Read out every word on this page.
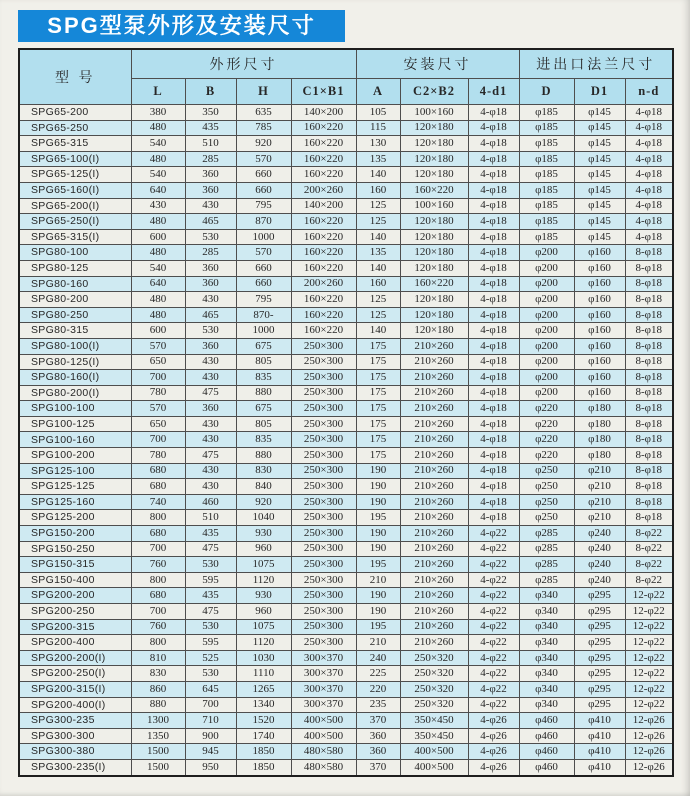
SPG型泵外形及安装尺寸
型 号	外形尺寸				安装尺寸			进出口法兰尺寸		
	L	B	H	C1×B1	A	C2×B2	4-d1	D	D1	n-d
SPG65-200	380	350	635	140×200	105	100×160	4-φ18	φ185	φ145	4-φ18
SPG65-250	480	435	785	160×220	115	120×180	4-φ18	φ185	φ145	4-φ18
SPG65-315	540	510	920	160×220	130	120×180	4-φ18	φ185	φ145	4-φ18
SPG65-100(I)	480	285	570	160×220	135	120×180	4-φ18	φ185	φ145	4-φ18
SPG65-125(I)	540	360	660	160×220	140	120×180	4-φ18	φ185	φ145	4-φ18
SPG65-160(I)	640	360	660	200×260	160	160×220	4-φ18	φ185	φ145	4-φ18
SPG65-200(I)	430	430	795	140×200	125	100×160	4-φ18	φ185	φ145	4-φ18
SPG65-250(I)	480	465	870	160×220	125	120×180	4-φ18	φ185	φ145	4-φ18
SPG65-315(I)	600	530	1000	160×220	140	120×180	4-φ18	φ185	φ145	4-φ18
SPG80-100	480	285	570	160×220	135	120×180	4-φ18	φ200	φ160	8-φ18
SPG80-125	540	360	660	160×220	140	120×180	4-φ18	φ200	φ160	8-φ18
SPG80-160	640	360	660	200×260	160	160×220	4-φ18	φ200	φ160	8-φ18
SPG80-200	480	430	795	160×220	125	120×180	4-φ18	φ200	φ160	8-φ18
SPG80-250	480	465	870-	160×220	125	120×180	4-φ18	φ200	φ160	8-φ18
SPG80-315	600	530	1000	160×220	140	120×180	4-φ18	φ200	φ160	8-φ18
SPG80-100(I)	570	360	675	250×300	175	210×260	4-φ18	φ200	φ160	8-φ18
SPG80-125(I)	650	430	805	250×300	175	210×260	4-φ18	φ200	φ160	8-φ18
SPG80-160(I)	700	430	835	250×300	175	210×260	4-φ18	φ200	φ160	8-φ18
SPG80-200(I)	780	475	880	250×300	175	210×260	4-φ18	φ200	φ160	8-φ18
SPG100-100	570	360	675	250×300	175	210×260	4-φ18	φ220	φ180	8-φ18
SPG100-125	650	430	805	250×300	175	210×260	4-φ18	φ220	φ180	8-φ18
SPG100-160	700	430	835	250×300	175	210×260	4-φ18	φ220	φ180	8-φ18
SPG100-200	780	475	880	250×300	175	210×260	4-φ18	φ220	φ180	8-φ18
SPG125-100	680	430	830	250×300	190	210×260	4-φ18	φ250	φ210	8-φ18
SPG125-125	680	430	840	250×300	190	210×260	4-φ18	φ250	φ210	8-φ18
SPG125-160	740	460	920	250×300	190	210×260	4-φ18	φ250	φ210	8-φ18
SPG125-200	800	510	1040	250×300	195	210×260	4-φ18	φ250	φ210	8-φ18
SPG150-200	680	435	930	250×300	190	210×260	4-φ22	φ285	φ240	8-φ22
SPG150-250	700	475	960	250×300	190	210×260	4-φ22	φ285	φ240	8-φ22
SPG150-315	760	530	1075	250×300	195	210×260	4-φ22	φ285	φ240	8-φ22
SPG150-400	800	595	1120	250×300	210	210×260	4-φ22	φ285	φ240	8-φ22
SPG200-200	680	435	930	250×300	190	210×260	4-φ22	φ340	φ295	12-φ22
SPG200-250	700	475	960	250×300	190	210×260	4-φ22	φ340	φ295	12-φ22
SPG200-315	760	530	1075	250×300	195	210×260	4-φ22	φ340	φ295	12-φ22
SPG200-400	800	595	1120	250×300	210	210×260	4-φ22	φ340	φ295	12-φ22
SPG200-200(I)	810	525	1030	300×370	240	250×320	4-φ22	φ340	φ295	12-φ22
SPG200-250(I)	830	530	1110	300×370	225	250×320	4-φ22	φ340	φ295	12-φ22
SPG200-315(I)	860	645	1265	300×370	220	250×320	4-φ22	φ340	φ295	12-φ22
SPG200-400(I)	880	700	1340	300×370	235	250×320	4-φ22	φ340	φ295	12-φ22
SPG300-235	1300	710	1520	400×500	370	350×450	4-φ26	φ460	φ410	12-φ26
SPG300-300	1350	900	1740	400×500	360	350×450	4-φ26	φ460	φ410	12-φ26
SPG300-380	1500	945	1850	480×580	360	400×500	4-φ26	φ460	φ410	12-φ26
SPG300-235(I)	1500	950	1850	480×580	370	400×500	4-φ26	φ460	φ410	12-φ26
